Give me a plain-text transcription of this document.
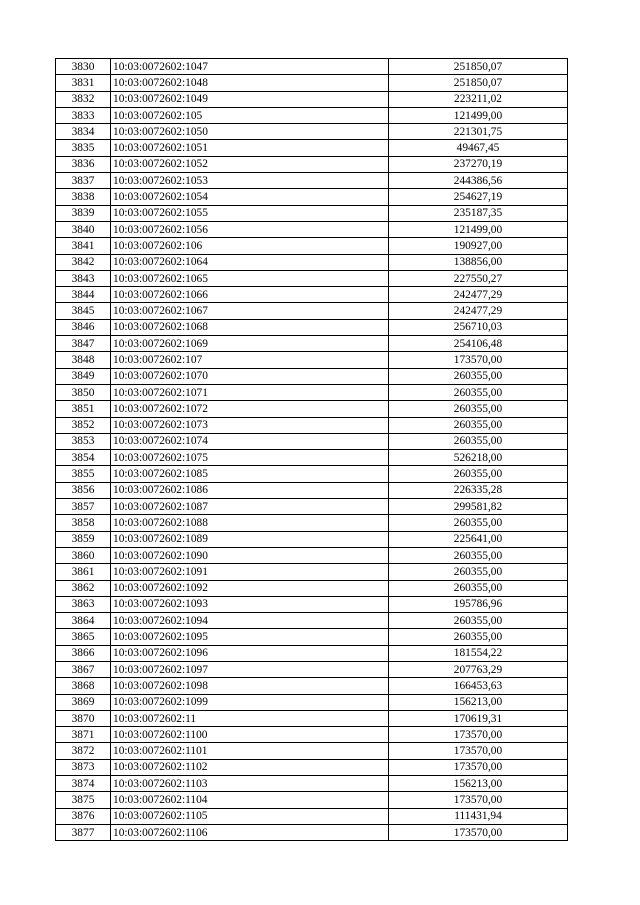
3830	10:03:0072602:1047	251850,07
3831	10:03:0072602:1048	251850,07
3832	10:03:0072602:1049	223211,02
3833	10:03:0072602:105	121499,00
3834	10:03:0072602:1050	221301,75
3835	10:03:0072602:1051	49467,45
3836	10:03:0072602:1052	237270,19
3837	10:03:0072602:1053	244386,56
3838	10:03:0072602:1054	254627,19
3839	10:03:0072602:1055	235187,35
3840	10:03:0072602:1056	121499,00
3841	10:03:0072602:106	190927,00
3842	10:03:0072602:1064	138856,00
3843	10:03:0072602:1065	227550,27
3844	10:03:0072602:1066	242477,29
3845	10:03:0072602:1067	242477,29
3846	10:03:0072602:1068	256710,03
3847	10:03:0072602:1069	254106,48
3848	10:03:0072602:107	173570,00
3849	10:03:0072602:1070	260355,00
3850	10:03:0072602:1071	260355,00
3851	10:03:0072602:1072	260355,00
3852	10:03:0072602:1073	260355,00
3853	10:03:0072602:1074	260355,00
3854	10:03:0072602:1075	526218,00
3855	10:03:0072602:1085	260355,00
3856	10:03:0072602:1086	226335,28
3857	10:03:0072602:1087	299581,82
3858	10:03:0072602:1088	260355,00
3859	10:03:0072602:1089	225641,00
3860	10:03:0072602:1090	260355,00
3861	10:03:0072602:1091	260355,00
3862	10:03:0072602:1092	260355,00
3863	10:03:0072602:1093	195786,96
3864	10:03:0072602:1094	260355,00
3865	10:03:0072602:1095	260355,00
3866	10:03:0072602:1096	181554,22
3867	10:03:0072602:1097	207763,29
3868	10:03:0072602:1098	166453,63
3869	10:03:0072602:1099	156213,00
3870	10:03:0072602:11	170619,31
3871	10:03:0072602:1100	173570,00
3872	10:03:0072602:1101	173570,00
3873	10:03:0072602:1102	173570,00
3874	10:03:0072602:1103	156213,00
3875	10:03:0072602:1104	173570,00
3876	10:03:0072602:1105	111431,94
3877	10:03:0072602:1106	173570,00
